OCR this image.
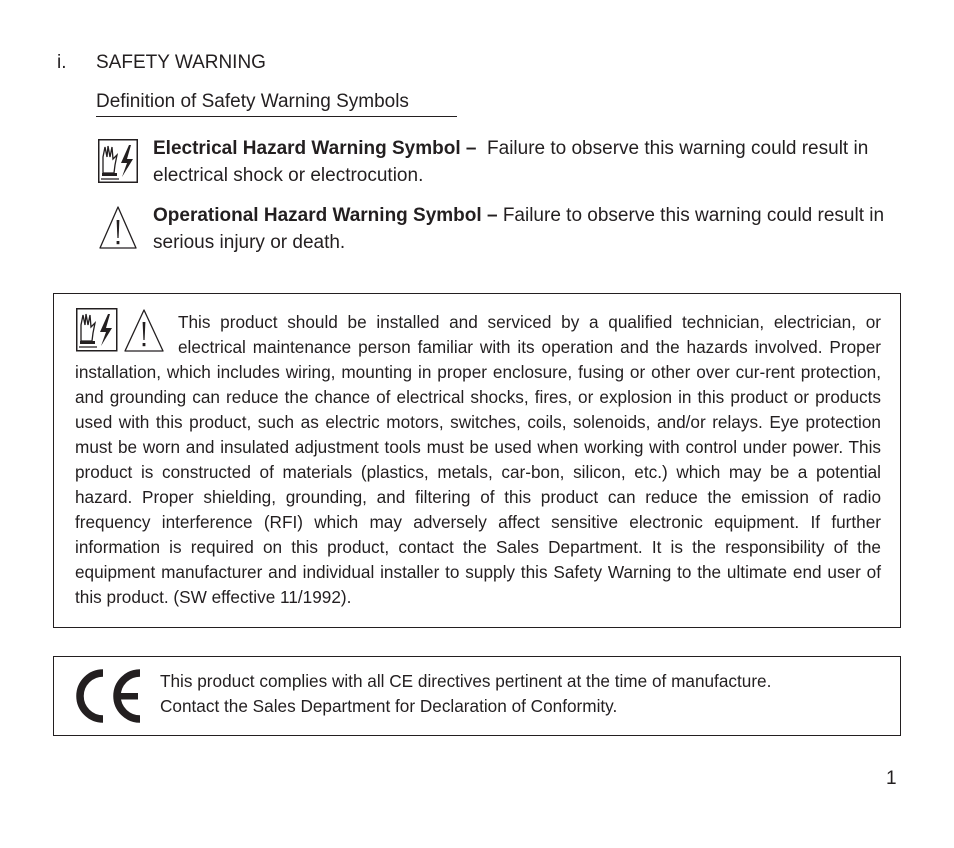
i. SAFETY WARNING
Definition of Safety Warning Symbols
Electrical Hazard Warning Symbol – Failure to observe this warning could result in electrical shock or electrocution.
Operational Hazard Warning Symbol – Failure to observe this warning could result in serious injury or death.

This product should be installed and serviced by a qualified technician, electrician, or electrical maintenance person familiar with its operation and the hazards involved. Proper installation, which includes wiring, mounting in proper enclosure, fusing or other over cur-rent protection, and grounding can reduce the chance of electrical shocks, fires, or explosion in this product or products used with this product, such as electric motors, switches, coils, solenoids, and/or relays. Eye protection must be worn and insulated adjustment tools must be used when working with control under power. This product is constructed of materials (plastics, metals, car-bon, silicon, etc.) which may be a potential hazard. Proper shielding, grounding, and filtering of this product can reduce the emission of radio frequency interference (RFI) which may adversely affect sensitive electronic equipment. If further information is required on this product, contact the Sales Department. It is the responsibility of the equipment manufacturer and individual installer to supply this Safety Warning to the ultimate end user of this product. (SW effective 11/1992).

This product complies with all CE directives pertinent at the time of manufacture.
Contact the Sales Department for Declaration of Conformity.
1
